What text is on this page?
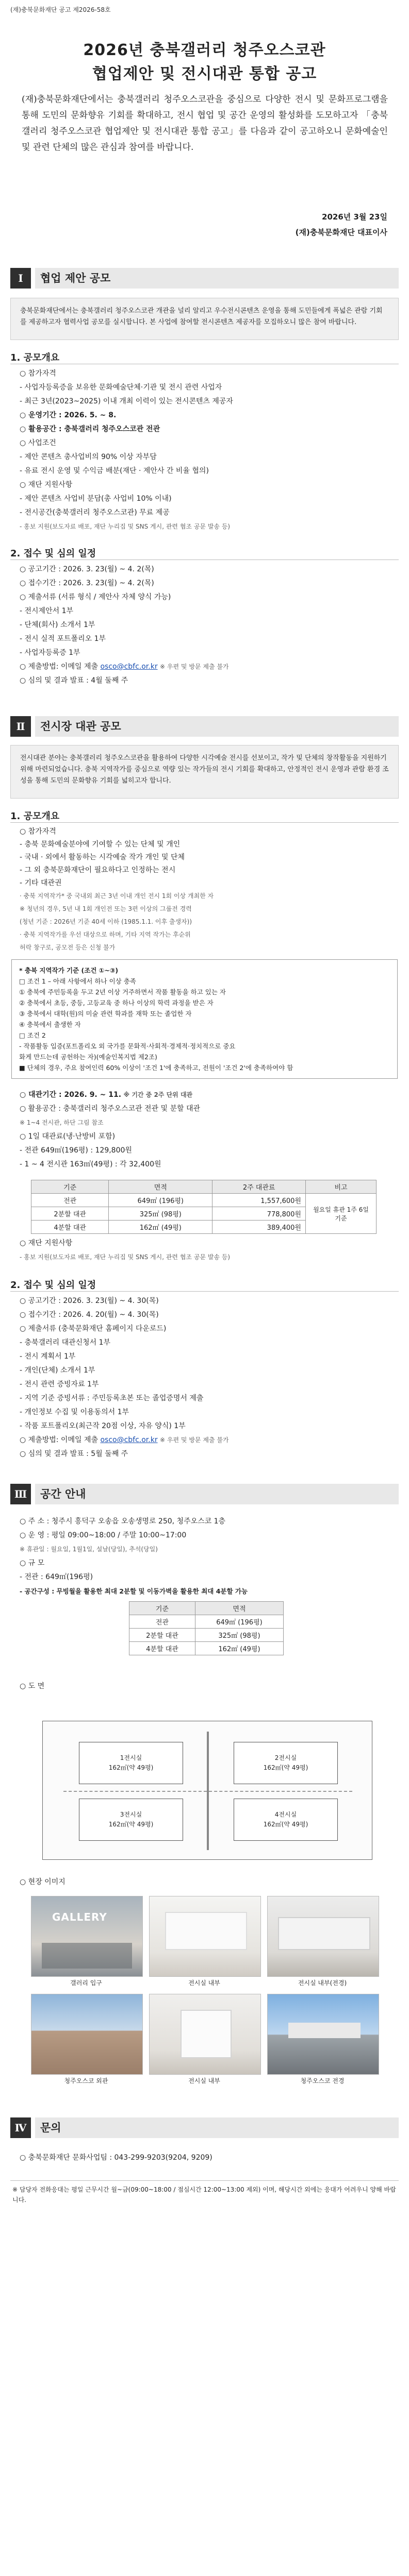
(재)충북문화재단 공고 제2026-58호
2026년 충북갤러리 청주오스코관
협업제안 및 전시대관 통합 공고
(재)충북문화재단에서는 충북갤러리 청주오스코관을 중심으로 다양한 전시 및 문화프로그램을 통해 도민의 문화향유 기회를 확대하고, 전시 협업 및 공간 운영의 활성화를 도모하고자 「충북갤러리 청주오스코관 협업제안 및 전시대관 통합 공고」를 다음과 같이 공고하오니 문화예술인 및 관련 단체의 많은 관심과 참여를 바랍니다.
2026년 3월 23일
(재)충북문화재단 대표이사
Ⅰ	협업 제안 공모
충북문화재단에서는 충북갤러리 청주오스코관 개관을 널리 알리고 우수전시콘텐츠 운영을 통해 도민들에게 폭넓은 관람 기회를 제공하고자 협력사업 공모를 실시합니다. 본 사업에 참여할 전시콘텐츠 제공자를 모집하오니 많은 참여 바랍니다.
1. 공모개요
○ 참가자격
- 사업자등록증을 보유한 문화예술단체·기관 및 전시 관련 사업자
- 최근 3년(2023~2025) 이내 개최 이력이 있는 전시콘텐츠 제공자
○ 운영기간 : 2026. 5. ~ 8.
○ 활용공간 : 충북갤러리 청주오스코관 전관
○ 사업조건
- 제안 콘텐츠 총사업비의 90% 이상 자부담
- 유료 전시 운영 및 수익금 배분(재단 · 제안사 간 비율 협의)
○ 재단 지원사항
- 제안 콘텐츠 사업비 분담(총 사업비 10% 이내)
- 전시공간(충북갤러리 청주오스코관) 무료 제공
- 홍보 지원(보도자료 배포, 재단 누리집 및 SNS 게시, 관련 협조 공문 발송 등)
2. 접수 및 심의 일정
○ 공고기간 : 2026. 3. 23(월) ~ 4. 2(목)
○ 접수기간 : 2026. 3. 23(월) ~ 4. 2(목)
○ 제출서류 (서류 형식 / 제안사 자체 양식 가능)
- 전시제안서 1부
- 단체(회사) 소개서 1부
- 전시 실적 포트폴리오 1부
- 사업자등록증 1부
○ 제출방법: 이메일 제출 osco@cbfc.or.kr ※ 우편 및 방문 제출 불가
○ 심의 및 결과 발표 : 4월 둘째 주
Ⅱ	전시장 대관 공모
전시대관 분야는 충북갤러리 청주오스코관을 활용하여 다양한 시각예술 전시를 선보이고, 작가 및 단체의 창작활동을 지원하기 위해 마련되었습니다. 충북 지역작가를 중심으로 역량 있는 작가들의 전시 기회를 확대하고, 안정적인 전시 운영과 관람 환경 조성을 통해 도민의 문화향유 기회를 넓히고자 합니다.
1. 공모개요
○ 참가자격
- 충북 문화예술분야에 기여할 수 있는 단체 및 개인
- 국내 · 외에서 활동하는 시각예술 작가 개인 및 단체
- 그 외 충북문화재단이 필요하다고 인정하는 전시
- 기타 대관권
· 충북 지역작가* 중 국내외 최근 3년 이내 개인 전시 1회 이상 개최한 자
※ 청년의 경우, 5년 내 1회 개인전 또는 3편 이상의 그룹전 경력
(청년 기준 : 2026년 기준 40세 이하 (1985.1.1. 이후 출생자))
· 충북 지역작가를 우선 대상으로 하며, 기타 지역 작가는 후순위
허락 창구로, 공모전 등은 신청 불가
* 충북 지역작가 기준 (조건 ①~③)
□ 조건 1 – 아래 사항에서 하나 이상 충족
① 충북에 주민등록을 두고 2년 이상 거주하면서 작품 활동을 하고 있는 자
② 충북에서 초등, 중등, 고등교육 중 하나 이상의 학력 과정을 받은 자
③ 충북에서 대학(원)의 미술 관련 학과를 재학 또는 졸업한 자
④ 충북에서 출생한 자
□ 조건 2
- 작품활동 입증(포트폴리오 외 국가를 문화적·사회적·경제적·정치적으로 중요
화게 만드는데 공헌하는 자)(예술인복지법 제2조)
■ 단체의 경우, 주요 참여인력 60% 이상이 '조건 1'에 충족하고, 전원이 '조건 2'에 충족하여야 함
○ 대관기간 : 2026. 9. ~ 11. ※ 기간 중 2주 단위 대관
○ 활용공간 : 충북갤러리 청주오스코관 전관 및 분할 대관
※ 1~4 전시관, 하단 그림 참조
○ 1일 대관료(냉·난방비 포함)
- 전관 649㎡(196평) : 129,800원
- 1 ~ 4 전시관 163㎡(49평) : 각 32,400원
기준	면적	2주 대관료	비고
전관	649㎡ (196평)	1,557,600원	월요일 휴관 1주 6일 기준
2분할 대관	325㎡ (98평)	778,800원	
4분할 대관	162㎡ (49평)	389,400원	
○ 재단 지원사항
- 홍보 지원(보도자료 배포, 재단 누리집 및 SNS 게시, 관련 협조 공문 발송 등)
2. 접수 및 심의 일정
○ 공고기간 : 2026. 3. 23(월) ~ 4. 30(목)
○ 접수기간 : 2026. 4. 20(월) ~ 4. 30(목)
○ 제출서류 (충북문화재단 홈페이지 다운로드)
- 충북갤러리 대관신청서 1부
- 전시 계획서 1부
- 개인(단체) 소개서 1부
- 전시 관련 증빙자료 1부
- 지역 기준 증빙서류 : 주민등록초본 또는 졸업증명서 제출
- 개인정보 수집 및 이용동의서 1부
- 작품 포트폴리오(최근작 20점 이상, 자유 양식) 1부
○ 제출방법: 이메일 제출 osco@cbfc.or.kr ※ 우편 및 방문 제출 불가
○ 심의 및 결과 발표 : 5월 둘째 주
Ⅲ	공간 안내
○ 주 소 : 청주시 흥덕구 오송읍 오송생명로 250, 청주오스코 1층
○ 운 영 : 평일 09:00~18:00 / 주말 10:00~17:00
※ 휴관일 : 월요일, 1월1일, 설날(당일), 추석(당일)
○ 규 모
- 전관 : 649㎡(196평)
- 공간구성 : 무빙월을 활용한 최대 2분할 및 이동가벽을 활용한 최대 4분할 가능
기준	면적
전관	649㎡ (196평)
2분할 대관	325㎡ (98평)
4분할 대관	162㎡ (49평)
○ 도 면
1전시실
162㎡(약 49평)
2전시실
162㎡(약 49평)
3전시실
162㎡(약 49평)
4전시실
162㎡(약 49평)
○ 현장 이미지
GALLERY
갤러리 입구	전시실 내부	전시실 내부(전경)
청주오스코 외관	전시실 내부	청주오스코 전경
Ⅳ	문의
○ 충북문화재단 문화사업팀 : 043-299-9203(9204, 9209)
※ 담당자 전화응대는 평일 근무시간 월~금(09:00~18:00 / 점심시간 12:00~13:00 제외) 이며, 해당시간 외에는 응대가 어려우니 양해 바랍니다.
